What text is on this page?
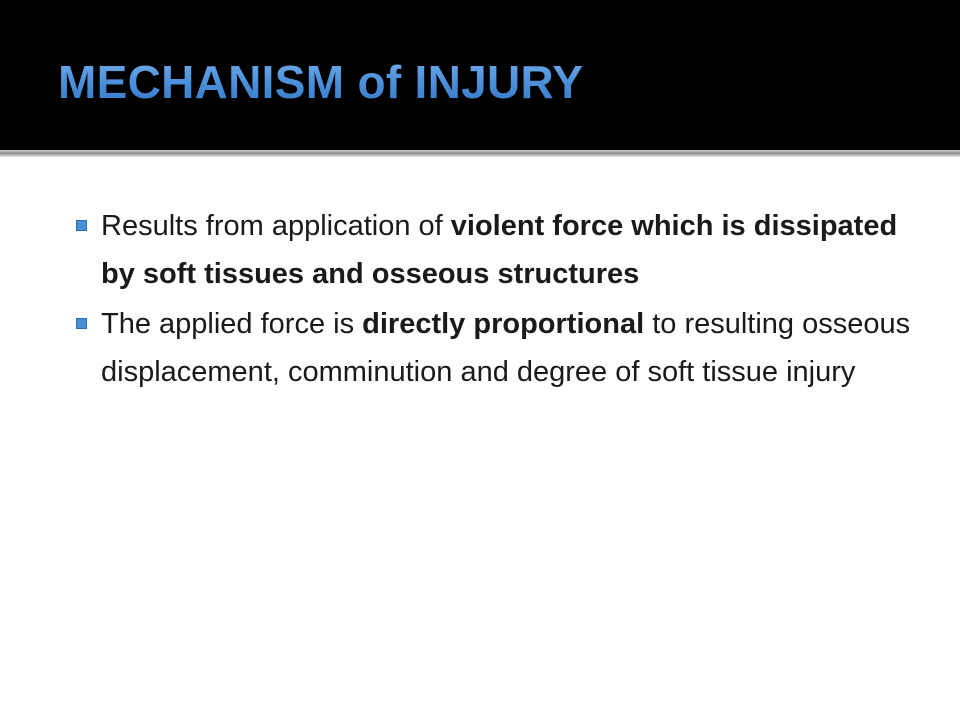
MECHANISM of INJURY
Results from application of violent force which is dissipated by soft tissues and osseous structures
The applied force is directly proportional to resulting osseous displacement, comminution and degree of soft tissue injury
